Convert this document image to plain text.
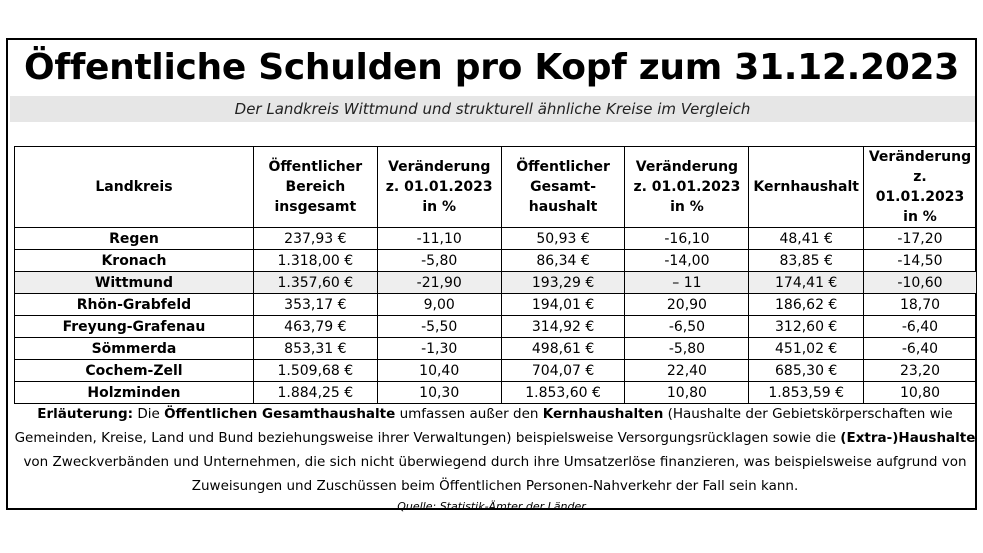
Öffentliche Schulden pro Kopf zum 31.12.2023
Der Landkreis Wittmund und strukturell ähnliche Kreise im Vergleich
Landkreis	Öffentlicher Bereich insgesamt	Veränderung z. 01.01.2023 in %	Öffentlicher Gesamt-haushalt	Veränderung z. 01.01.2023 in %	Kernhaushalt	Veränderung z. 01.01.2023 in %
Regen	237,93 €	-11,10	50,93 €	-16,10	48,41 €	-17,20
Kronach	1.318,00 €	-5,80	86,34 €	-14,00	83,85 €	-14,50
Wittmund	1.357,60 €	-21,90	193,29 €	– 11	174,41 €	-10,60
Rhön-Grabfeld	353,17 €	9,00	194,01 €	20,90	186,62 €	18,70
Freyung-Grafenau	463,79 €	-5,50	314,92 €	-6,50	312,60 €	-6,40
Sömmerda	853,31 €	-1,30	498,61 €	-5,80	451,02 €	-6,40
Cochem-Zell	1.509,68 €	10,40	704,07 €	22,40	685,30 €	23,20
Holzminden	1.884,25 €	10,30	1.853,60 €	10,80	1.853,59 €	10,80
Erläuterung: Die Öffentlichen Gesamthaushalte umfassen außer den Kernhaushalten (Haushalte der Gebietskörperschaften wie Gemeinden, Kreise, Land und Bund beziehungsweise ihrer Verwaltungen) beispielsweise Versorgungsrücklagen sowie die (Extra-)Haushalte von Zweckverbänden und Unternehmen, die sich nicht überwiegend durch ihre Umsatzerlöse finanzieren, was beispielsweise aufgrund von Zuweisungen und Zuschüssen beim Öffentlichen Personen-Nahverkehr der Fall sein kann.
Quelle: Statistik-Ämter der Länder
